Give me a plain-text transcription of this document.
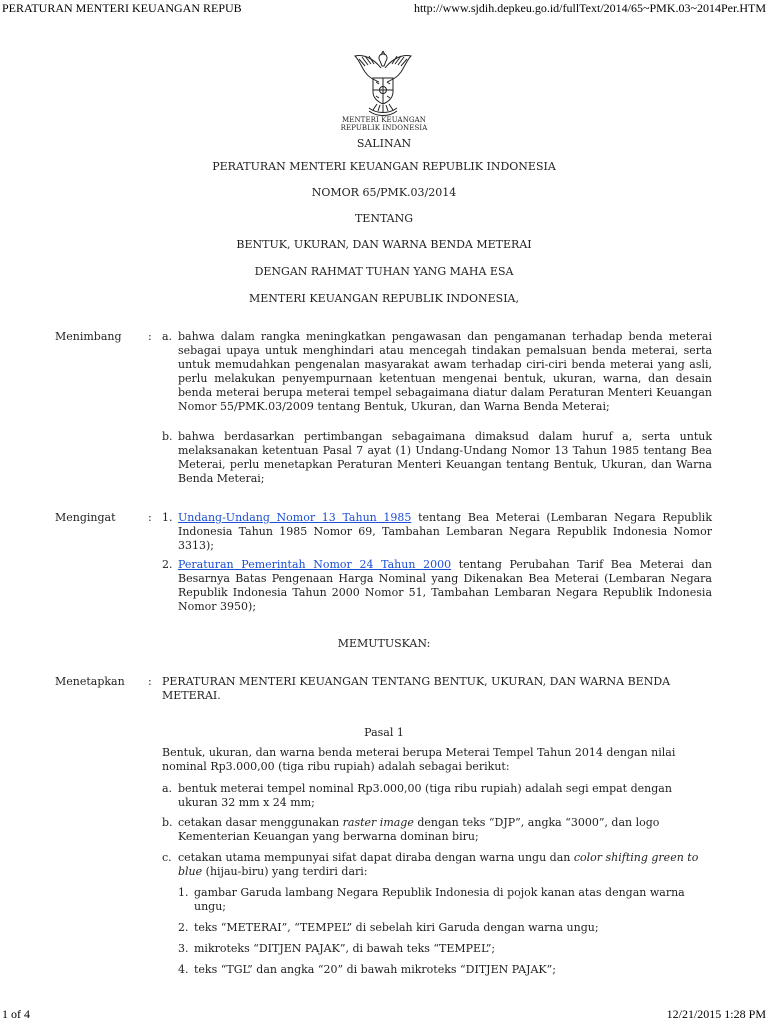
PERATURAN MENTERI KEUANGAN REPUB	http://www.sjdih.depkeu.go.id/fullText/2014/65~PMK.03~2014Per.HTM
MENTERI KEUANGAN
REPUBLIK INDONESIA
SALINAN
PERATURAN MENTERI KEUANGAN REPUBLIK INDONESIA
NOMOR 65/PMK.03/2014
TENTANG
BENTUK, UKURAN, DAN WARNA BENDA METERAI
DENGAN RAHMAT TUHAN YANG MAHA ESA
MENTERI KEUANGAN REPUBLIK INDONESIA,
Menimbang : a. bahwa dalam rangka meningkatkan pengawasan dan pengamanan terhadap benda meterai sebagai upaya untuk menghindari atau mencegah tindakan pemalsuan benda meterai, serta untuk memudahkan pengenalan masyarakat awam terhadap ciri-ciri benda meterai yang asli, perlu melakukan penyempurnaan ketentuan mengenai bentuk, ukuran, warna, dan desain benda meterai berupa meterai tempel sebagaimana diatur dalam Peraturan Menteri Keuangan Nomor 55/PMK.03/2009 tentang Bentuk, Ukuran, dan Warna Benda Meterai;
b. bahwa berdasarkan pertimbangan sebagaimana dimaksud dalam huruf a, serta untuk melaksanakan ketentuan Pasal 7 ayat (1) Undang-Undang Nomor 13 Tahun 1985 tentang Bea Meterai, perlu menetapkan Peraturan Menteri Keuangan tentang Bentuk, Ukuran, dan Warna Benda Meterai;
Mengingat	: 1. Undang-Undang Nomor 13 Tahun 1985 tentang Bea Meterai (Lembaran Negara Republik Indonesia Tahun 1985 Nomor 69, Tambahan Lembaran Negara Republik Indonesia Nomor 3313);
2. Peraturan Pemerintah Nomor 24 Tahun 2000 tentang Perubahan Tarif Bea Meterai dan Besarnya Batas Pengenaan Harga Nominal yang Dikenakan Bea Meterai (Lembaran Negara Republik Indonesia Tahun 2000 Nomor 51, Tambahan Lembaran Negara Republik Indonesia Nomor 3950);
MEMUTUSKAN:
Menetapkan : PERATURAN MENTERI KEUANGAN TENTANG BENTUK, UKURAN, DAN WARNA BENDA METERAI.
Pasal 1
Bentuk, ukuran, dan warna benda meterai berupa Meterai Tempel Tahun 2014 dengan nilai nominal Rp3.000,00 (tiga ribu rupiah) adalah sebagai berikut:
a. bentuk meterai tempel nominal Rp3.000,00 (tiga ribu rupiah) adalah segi empat dengan ukuran 32 mm x 24 mm;
b. cetakan dasar menggunakan raster image dengan teks “DJP”, angka “3000”, dan logo Kementerian Keuangan yang berwarna dominan biru;
c. cetakan utama mempunyai sifat dapat diraba dengan warna ungu dan color shifting green to blue (hijau-biru) yang terdiri dari:
1. gambar Garuda lambang Negara Republik Indonesia di pojok kanan atas dengan warna ungu;
2. teks “METERAI”, “TEMPEL” di sebelah kiri Garuda dengan warna ungu;
3. mikroteks “DITJEN PAJAK”, di bawah teks “TEMPEL”;
4. teks “TGL” dan angka “20” di bawah mikroteks “DITJEN PAJAK”;
1 of 4	12/21/2015 1:28 PM
